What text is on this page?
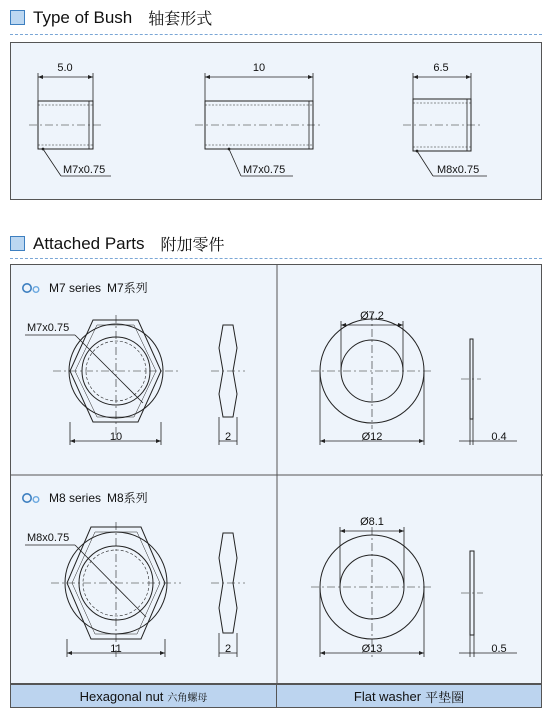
Type of Bush 轴套形式
5.0
M7x0.75
10
M7x0.75
6.5
M8x0.75
Attached Parts 附加零件
M7x0.75
10	2
Ø7.2
Ø12	0.4
M8x0.75
11	2
Ø8.1
Ø13	0.5
M7 series M7系列
M8 series M8系列
Hexagonal nut 六角螺母	Flat washer 平垫圈
